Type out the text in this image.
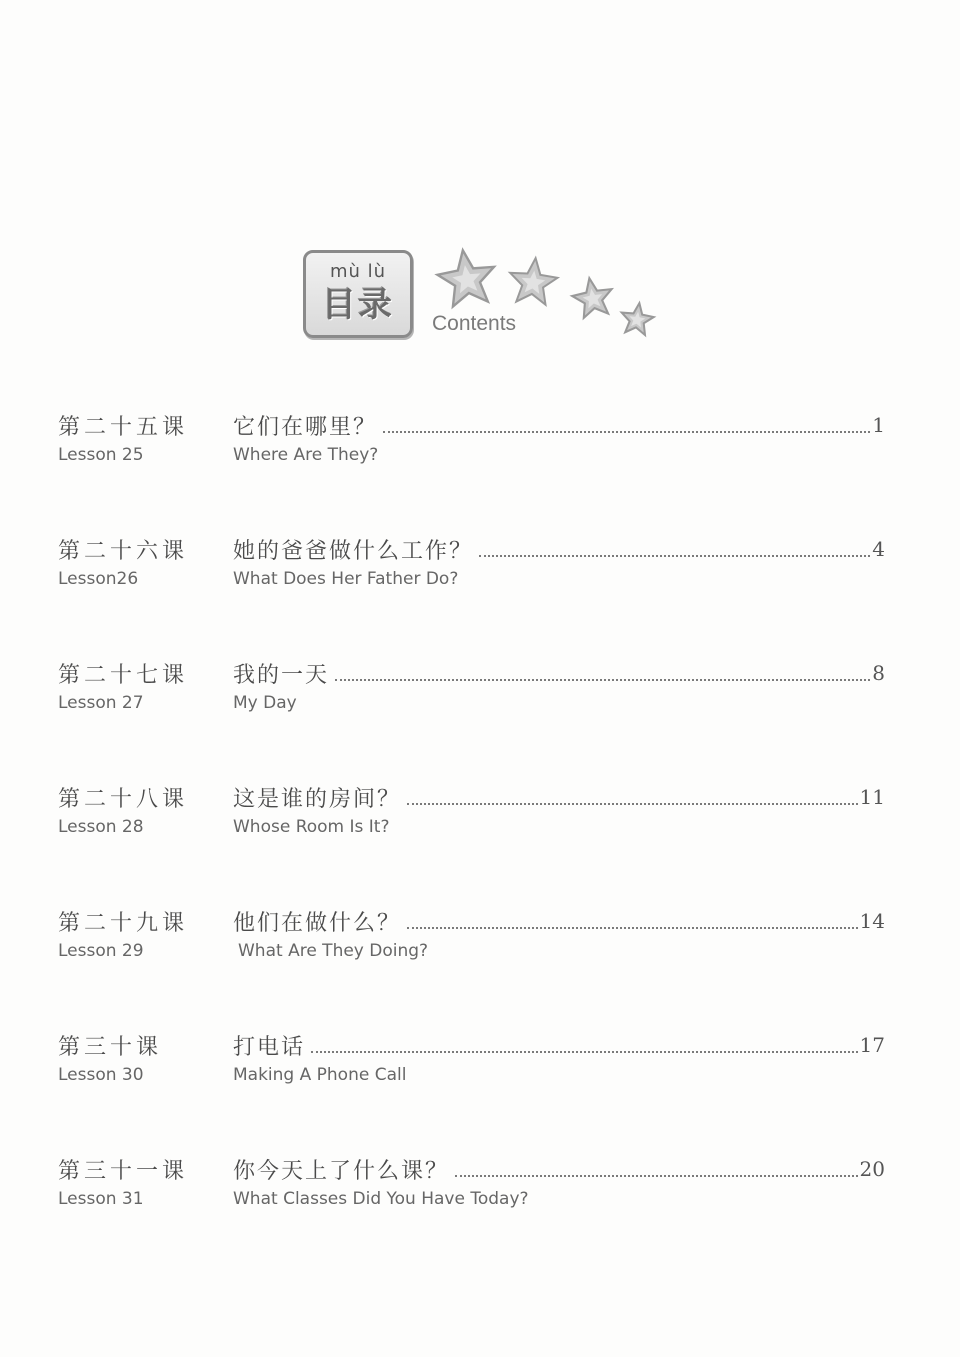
mù lù
目录	Contents
第二十五课	它们在哪里？	1
Lesson 25	Where Are They?
第二十六课	她的爸爸做什么工作？	4
Lesson26	What Does Her Father Do?
第二十七课	我的一天	8
Lesson 27	My Day
第二十八课	这是谁的房间？	11
Lesson 28	Whose Room Is It?
第二十九课	他们在做什么？	14
Lesson 29	What Are They Doing?
第三十课	打电话	17
Lesson 30	Making A Phone Call
第三十一课	你今天上了什么课？	20
Lesson 31	What Classes Did You Have Today?
